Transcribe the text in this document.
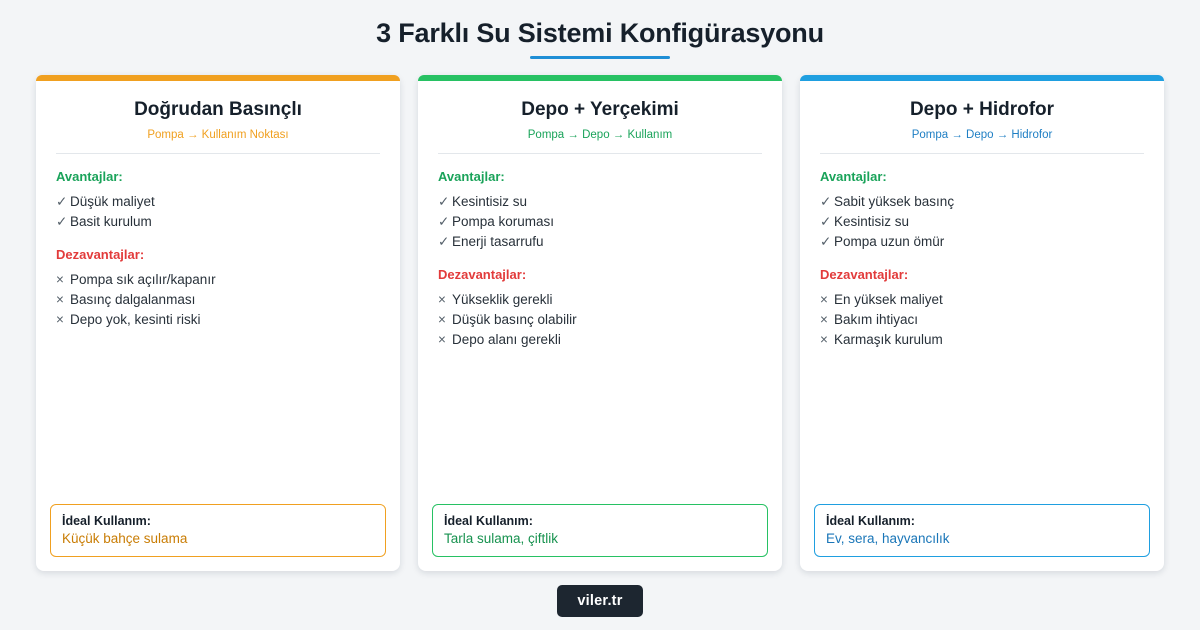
3 Farklı Su Sistemi Konfigürasyonu
Doğrudan Basınçlı
Pompa → Kullanım Noktası
Avantajlar:
✓ Düşük maliyet
✓ Basit kurulum
Dezavantajlar:
× Pompa sık açılır/kapanır
× Basınç dalgalanması
× Depo yok, kesinti riski
İdeal Kullanım:
Küçük bahçe sulama
Depo + Yerçekimi
Pompa → Depo → Kullanım
Avantajlar:
✓ Kesintisiz su
✓ Pompa koruması
✓ Enerji tasarrufu
Dezavantajlar:
× Yükseklik gerekli
× Düşük basınç olabilir
× Depo alanı gerekli
İdeal Kullanım:
Tarla sulama, çiftlik
Depo + Hidrofor
Pompa → Depo → Hidrofor
Avantajlar:
✓ Sabit yüksek basınç
✓ Kesintisiz su
✓ Pompa uzun ömür
Dezavantajlar:
× En yüksek maliyet
× Bakım ihtiyacı
× Karmaşık kurulum
İdeal Kullanım:
Ev, sera, hayvancılık
viler.tr
